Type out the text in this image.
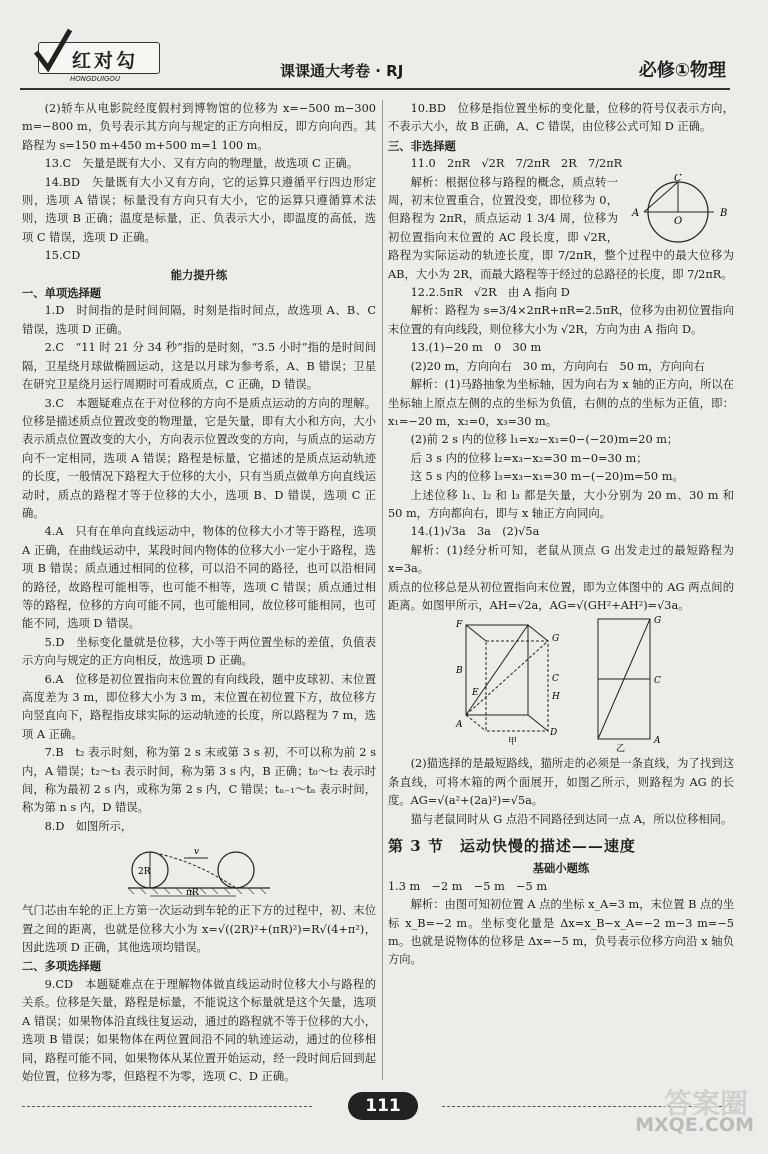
红对勾
HONGDUIGOU	课课通大考卷 · RJ	必修①物理

(2)轿车从电影院经度假村到博物馆的位移为 x=−500 m−300 m=−800 m，负号表示其方向与规定的正方向相反，即方向向西。其路程为 s=150 m+450 m+500 m=1 100 m。

13.C　矢量是既有大小、又有方向的物理量，故选项 C 正确。

14.BD　矢量既有大小又有方向，它的运算只遵循平行四边形定则，选项 A 错误；标量没有方向只有大小，它的运算只遵循算术法则，选项 B 正确；温度是标量，正、负表示大小，即温度的高低，选项 C 错误，选项 D 正确。

15.CD

能力提升练

一、单项选择题

1.D　时间指的是时间间隔，时刻是指时间点，故选项 A、B、C 错误，选项 D 正确。

2.C　“11 时 21 分 34 秒”指的是时刻，“3.5 小时”指的是时间间隔，卫星绕月球做椭圆运动，这是以月球为参考系，A、B 错误；卫星在研究卫星绕月运行周期时可看成质点，C 正确，D 错误。

3.C　本题疑难点在于对位移的方向不是质点运动的方向的理解。位移是描述质点位置改变的物理量，它是矢量，即有大小和方向，大小表示质点位置改变的大小，方向表示位置改变的方向，与质点的运动方向不一定相同，选项 A 错误；路程是标量，它描述的是质点运动轨迹的长度，一般情况下路程大于位移的大小，只有当质点做单方向直线运动时，质点的路程才等于位移的大小，选项 B、D 错误，选项 C 正确。

4.A　只有在单向直线运动中，物体的位移大小才等于路程，选项 A 正确，在曲线运动中，某段时间内物体的位移大小一定小于路程，选项 B 错误；质点通过相同的位移，可以沿不同的路径，也可以沿相同的路径，故路程可能相等，也可能不相等，选项 C 错误；质点通过相等的路程，位移的方向可能不同，也可能相同，故位移可能相同，也可能不同，选项 D 错误。

5.D　坐标变化量就是位移，大小等于两位置坐标的差值，负值表示方向与规定的正方向相反，故选项 D 正确。

6.A　位移是初位置指向末位置的有向线段，题中皮球初、末位置高度差为 3 m，即位移大小为 3 m，末位置在初位置下方，故位移方向竖直向下，路程指皮球实际的运动轨迹的长度，所以路程为 7 m，选项 A 正确。

7.B　t₂ 表示时刻，称为第 2 s 末或第 3 s 初，不可以称为前 2 s 内，A 错误；t₂～t₃ 表示时间，称为第 3 s 内，B 正确；t₀～t₂ 表示时间，称为最初 2 s 内，或称为第 2 s 内，C 错误；tₙ₋₁～tₙ 表示时间，称为第 n s 内，D 错误。

8.D　如图所示，

2R
v
πR

气门芯由车轮的正上方第一次运动到车轮的正下方的过程中，初、末位置之间的距离，也就是位移大小为 x=√((2R)²+(πR)²)=R√(4+π²)，因此选项 D 正确，其他选项均错误。

二、多项选择题

9.CD　本题疑难点在于理解物体做直线运动时位移大小与路程的关系。位移是矢量，路程是标量，不能说这个标量就是这个矢量，选项 A 错误；如果物体沿直线往复运动，通过的路程就不等于位移的大小，选项 B 错误；如果物体在两位置间沿不同的轨迹运动，通过的位移相同，路程可能不同，如果物体从某位置开始运动，经一段时间后回到起始位置，位移为零，但路程不为零，选项 C、D 正确。

10.BD　位移是指位置坐标的变化量，位移的符号仅表示方向，不表示大小，故 B 正确，A、C 错误，由位移公式可知 D 正确。

三、非选择题

11.0　2πR　√2R　7/2πR　2R　7/2πR

C
A
O
B

解析：根据位移与路程的概念，质点转一周，初末位置重合，位置没变，即位移为 0，但路程为 2πR，质点运动 1 3/4 周，位移为初位置指向末位置的 AC 段长度，即 √2R，路程为实际运动的轨迹长度，即 7/2πR，整个过程中的最大位移为 AB，大小为 2R，而最大路程等于经过的总路径的长度，即 7/2πR。

12.2.5πR　√2R　由 A 指向 D

解析：路程为 s=3/4×2πR+πR=2.5πR，位移为由初位置指向末位置的有向线段，则位移大小为 √2R，方向为由 A 指向 D。

13.(1)−20 m　0　30 m

(2)20 m，方向向右　30 m，方向向右　50 m，方向向右

解析：(1)马路抽象为坐标轴，因为向右为 x 轴的正方向，所以在坐标轴上原点左侧的点的坐标为负值，右侧的点的坐标为正值，即：x₁=−20 m，x₂=0，x₃=30 m。

(2)前 2 s 内的位移 l₁=x₂−x₁=0−(−20)m=20 m；

后 3 s 内的位移 l₂=x₃−x₂=30 m−0=30 m；

这 5 s 内的位移 l₃=x₃−x₁=30 m−(−20)m=50 m。

上述位移 l₁、l₂ 和 l₃ 都是矢量，大小分别为 20 m、30 m 和 50 m，方向都向右，即与 x 轴正方向同向。

14.(1)√3a　3a　(2)√5a

解析：(1)经分析可知，老鼠从顶点 G 出发走过的最短路程为 x=3a。

质点的位移总是从初位置指向末位置，即为立体图中的 AG 两点间的距离。如图甲所示，AH=√2a，AG=√(GH²+AH²)=√3a。

F
G
B
C
E	H
A
D
甲
G
C
A
乙

(2)猫选择的是最短路线，猫所走的必须是一条直线，为了找到这条直线，可将木箱的两个面展开，如图乙所示，则路程为 AG 的长度。AG=√(a²+(2a)²)=√5a。

猫与老鼠同时从 G 点沿不同路径到达同一点 A，所以位移相同。

第 3 节　运动快慢的描述——速度

基础小题练

1.3 m　−2 m　−5 m　−5 m

解析：由图可知初位置 A 点的坐标 x_A=3 m，末位置 B 点的坐标 x_B=−2 m。坐标变化量是 Δx=x_B−x_A=−2 m−3 m=−5 m。也就是说物体的位移是 Δx=−5 m，负号表示位移方向沿 x 轴负方向。

111	答案圈
MXQE.COM
